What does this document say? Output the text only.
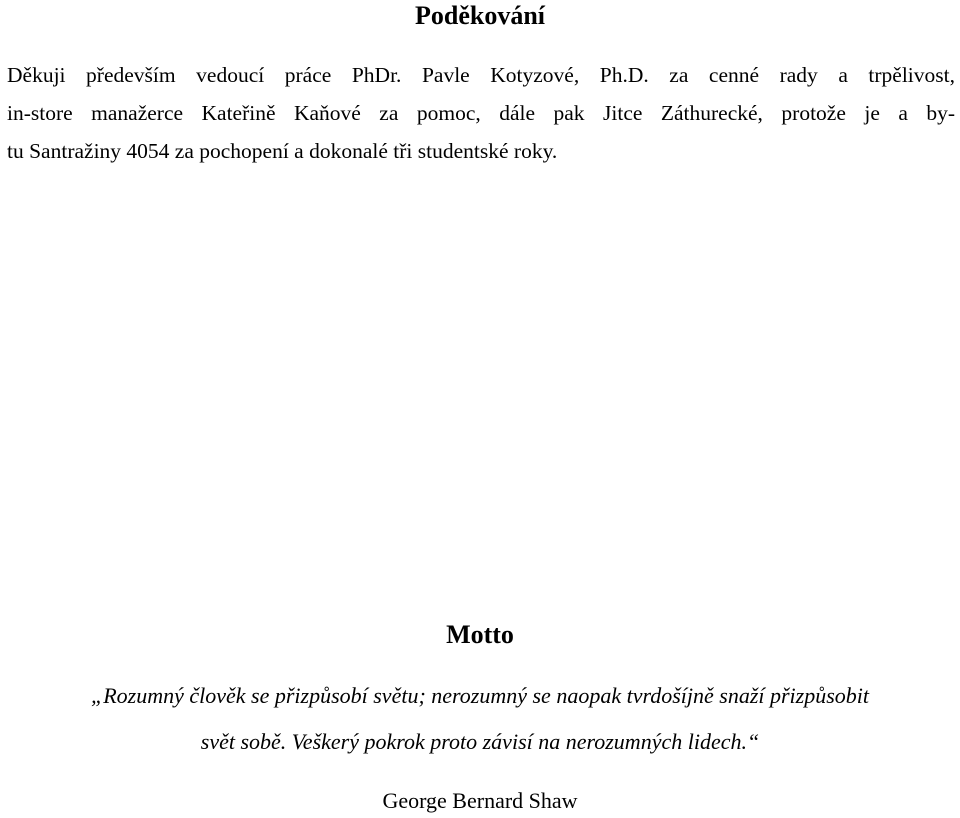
Poděkování

Děkuji především vedoucí práce PhDr. Pavle Kotyzové, Ph.D. za cenné rady a trpělivost,
in-store manažerce Kateřině Kaňové za pomoc, dále pak Jitce Záthurecké, protože je a by-
tu Santražiny 4054 za pochopení a dokonalé tři studentské roky.

Motto

„Rozumný člověk se přizpůsobí světu; nerozumný se naopak tvrdošíjně snaží přizpůsobit

svět sobě. Veškerý pokrok proto závisí na nerozumných lidech.“

George Bernard Shaw
